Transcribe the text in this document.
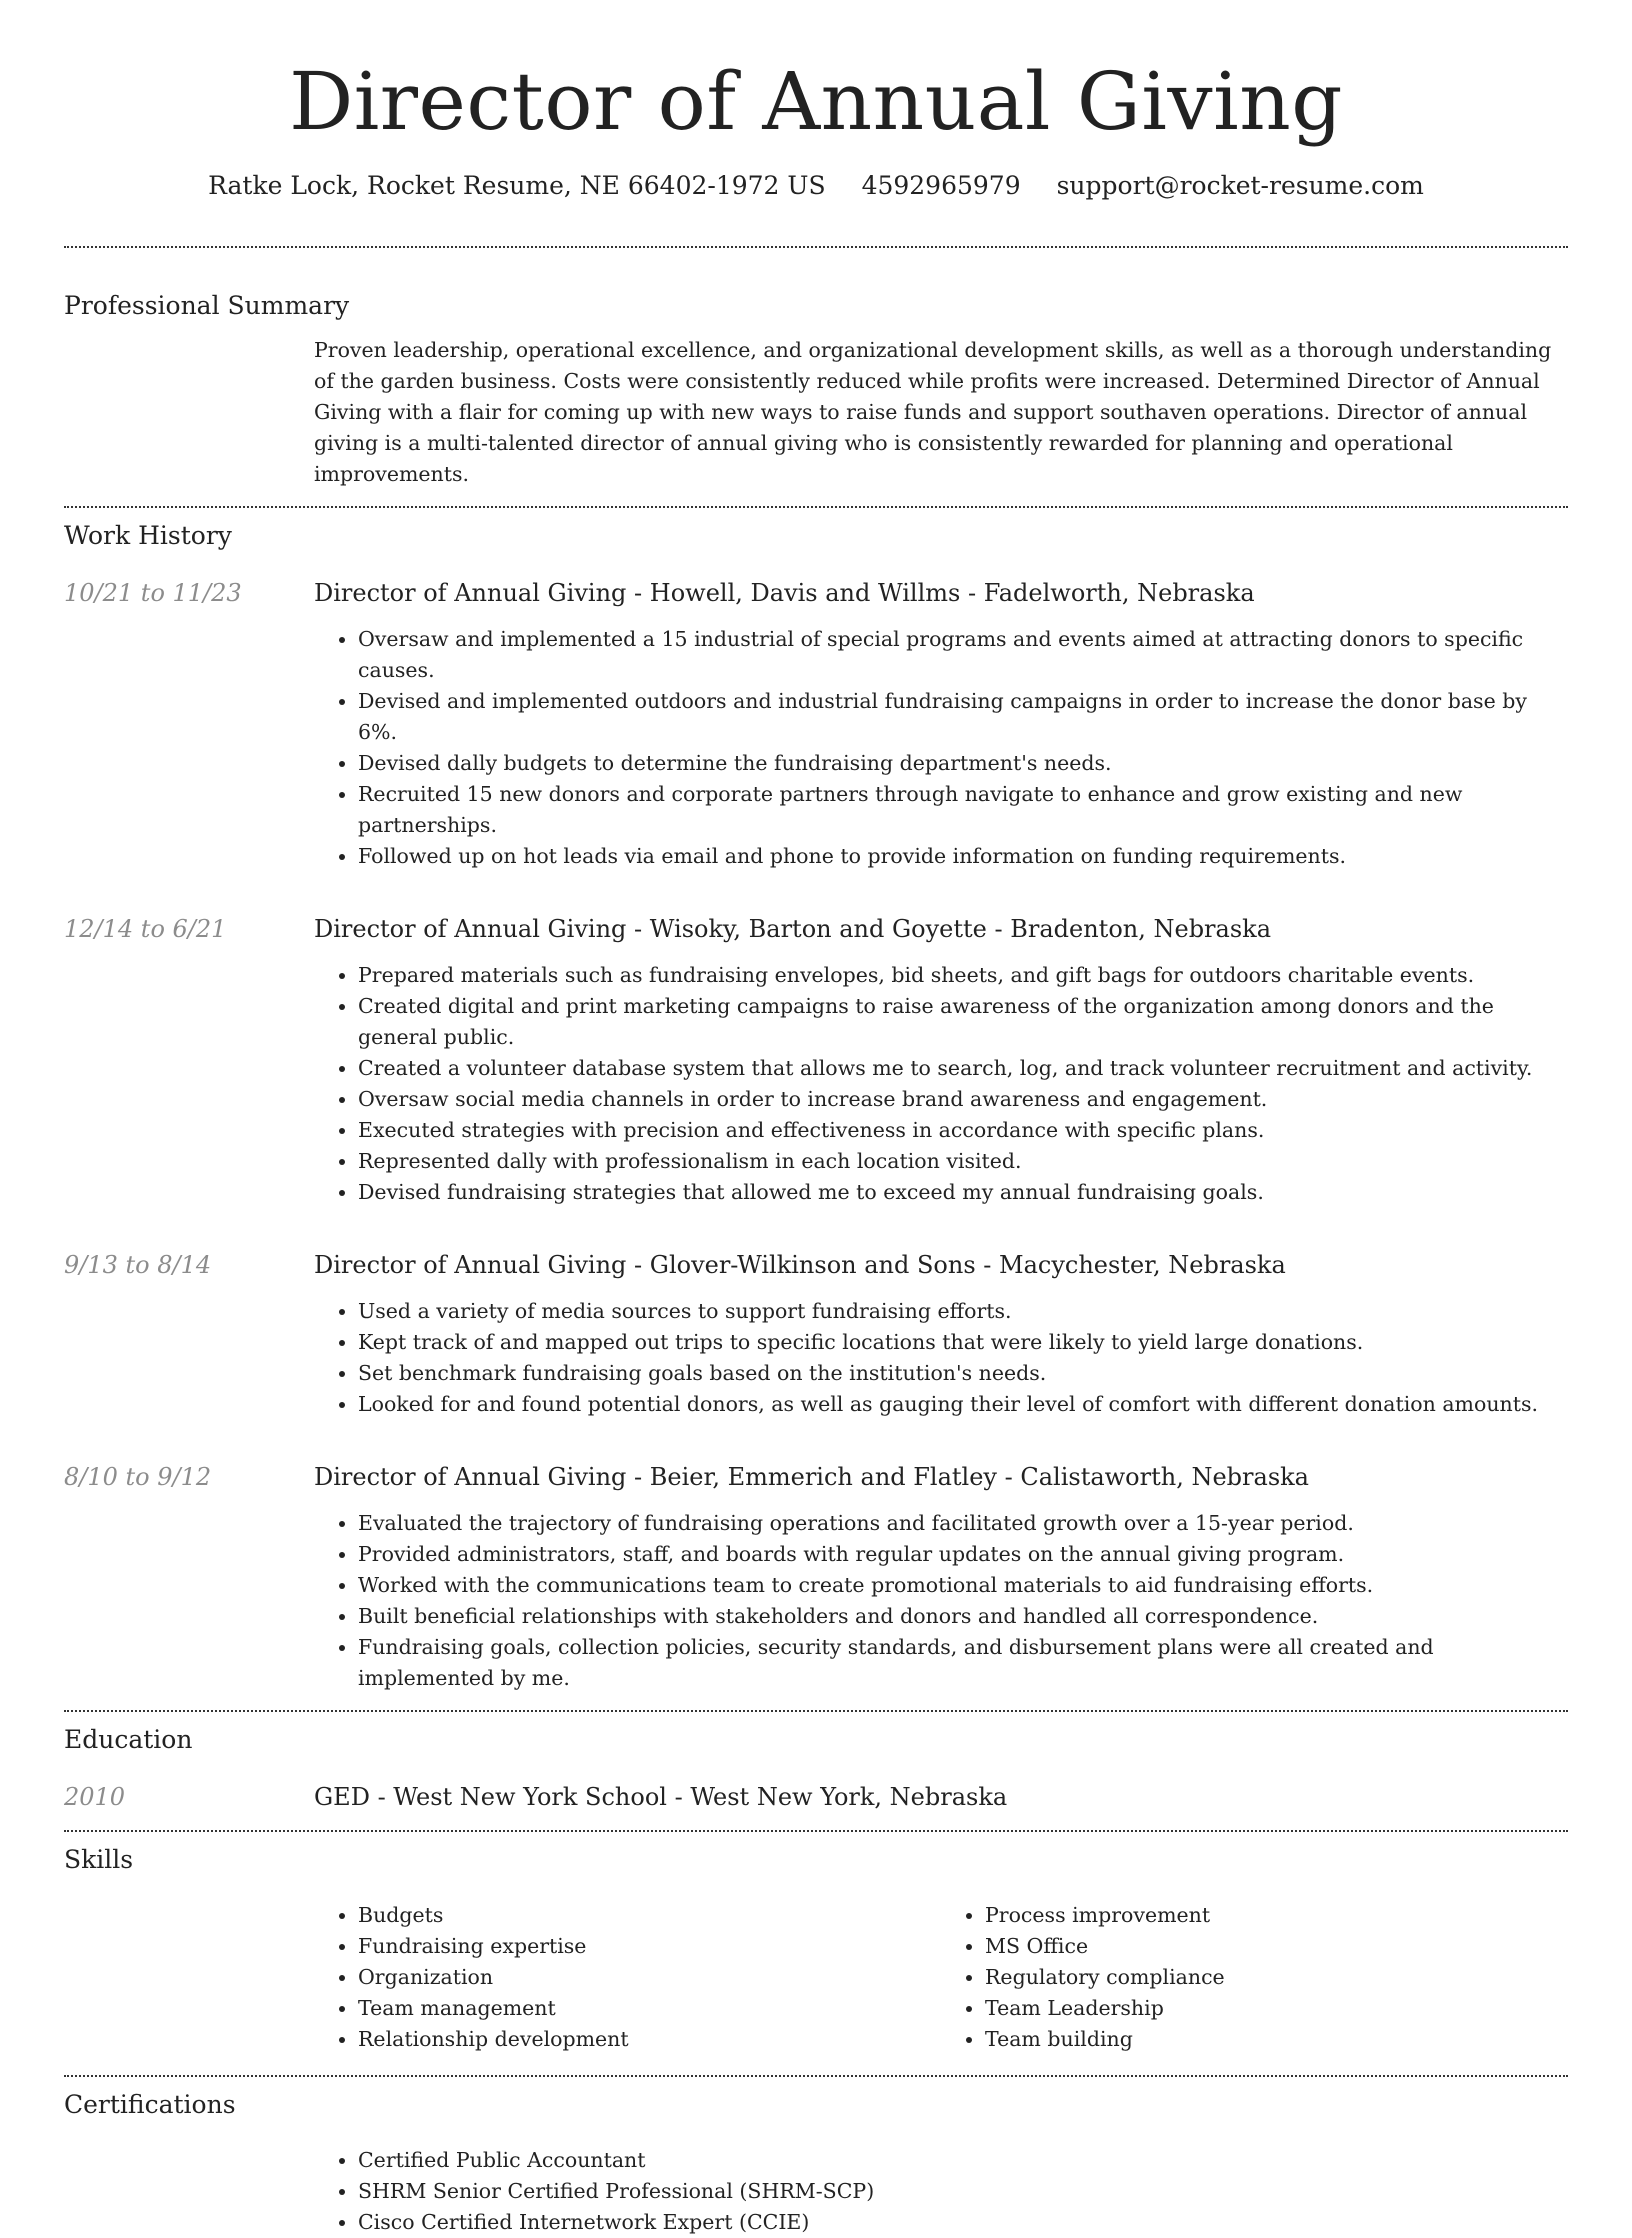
Director of Annual Giving
Ratke Lock, Rocket Resume, NE 66402-1972 US 4592965979 support@rocket-resume.com
Professional Summary
Proven leadership, operational excellence, and organizational development skills, as well as a thorough understanding of the garden business. Costs were consistently reduced while profits were increased. Determined Director of Annual Giving with a flair for coming up with new ways to raise funds and support southaven operations. Director of annual giving is a multi-talented director of annual giving who is consistently rewarded for planning and operational improvements.
Work History
10/21 to 11/23	Director of Annual Giving - Howell, Davis and Willms - Fadelworth, Nebraska
• Oversaw and implemented a 15 industrial of special programs and events aimed at attracting donors to specific causes.
• Devised and implemented outdoors and industrial fundraising campaigns in order to increase the donor base by 6%.
• Devised dally budgets to determine the fundraising department's needs.
• Recruited 15 new donors and corporate partners through navigate to enhance and grow existing and new partnerships.
• Followed up on hot leads via email and phone to provide information on funding requirements.
12/14 to 6/21	Director of Annual Giving - Wisoky, Barton and Goyette - Bradenton, Nebraska
• Prepared materials such as fundraising envelopes, bid sheets, and gift bags for outdoors charitable events.
• Created digital and print marketing campaigns to raise awareness of the organization among donors and the general public.
• Created a volunteer database system that allows me to search, log, and track volunteer recruitment and activity.
• Oversaw social media channels in order to increase brand awareness and engagement.
• Executed strategies with precision and effectiveness in accordance with specific plans.
• Represented dally with professionalism in each location visited.
• Devised fundraising strategies that allowed me to exceed my annual fundraising goals.
9/13 to 8/14	Director of Annual Giving - Glover-Wilkinson and Sons - Macychester, Nebraska
• Used a variety of media sources to support fundraising efforts.
• Kept track of and mapped out trips to specific locations that were likely to yield large donations.
• Set benchmark fundraising goals based on the institution's needs.
• Looked for and found potential donors, as well as gauging their level of comfort with different donation amounts.
8/10 to 9/12	Director of Annual Giving - Beier, Emmerich and Flatley - Calistaworth, Nebraska
• Evaluated the trajectory of fundraising operations and facilitated growth over a 15-year period.
• Provided administrators, staff, and boards with regular updates on the annual giving program.
• Worked with the communications team to create promotional materials to aid fundraising efforts.
• Built beneficial relationships with stakeholders and donors and handled all correspondence.
• Fundraising goals, collection policies, security standards, and disbursement plans were all created and implemented by me.
Education
2010	GED - West New York School - West New York, Nebraska
Skills
• Budgets
• Fundraising expertise
• Organization
• Team management
• Relationship development
• Process improvement
• MS Office
• Regulatory compliance
• Team Leadership
• Team building
Certifications
• Certified Public Accountant
• SHRM Senior Certified Professional (SHRM-SCP)
• Cisco Certified Internetwork Expert (CCIE)
